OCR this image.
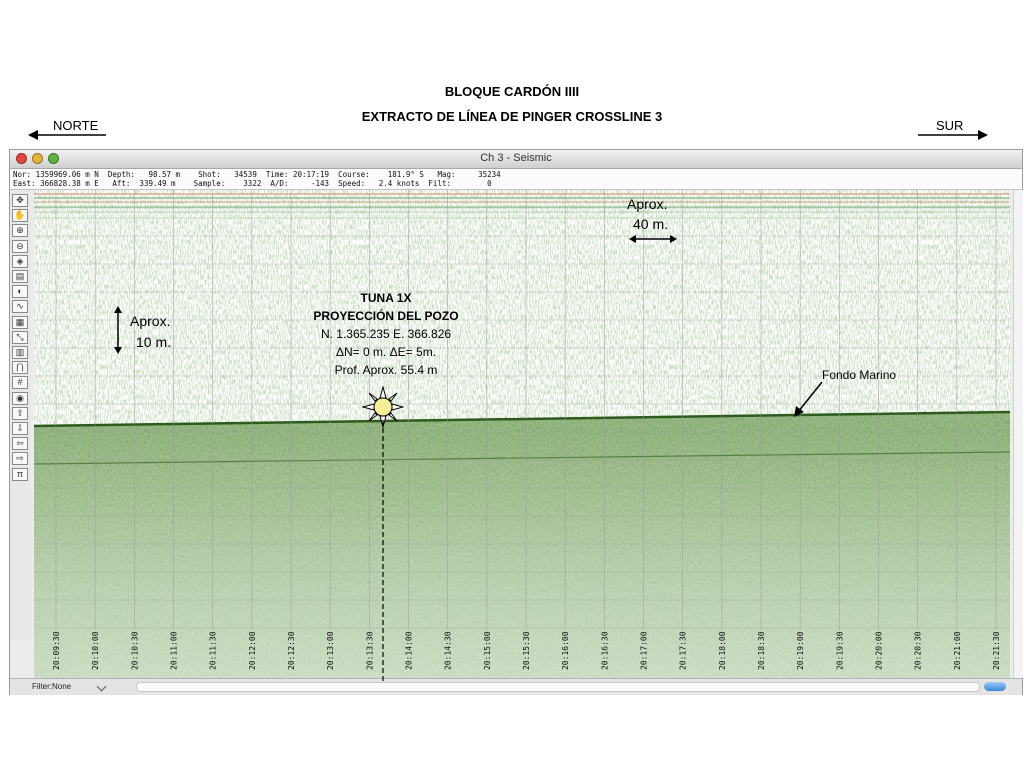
BLOQUE CARDÓN IIII
EXTRACTO DE LÍNEA DE PINGER CROSSLINE 3
NORTE	SUR
Ch 3 - Seismic
Nor: 1359969.06 m N  Depth:   98.57 m    Shot:   34539  Time: 20:17:19  Course:    181.9° S   Mag:     35234
East: 366828.38 m E   Aft:  339.49 m    Sample:    3322  A/D:     -143  Speed:   2.4 knots  Filt:        0
✥
✋
⊕
⊖
◈
▤
◐
∿
▦
⤡
▥
⋂
#
◉
⇧
⇩
⇦
⇨
π
20:09:30	20:10:00	20:10:30	20:11:00	20:11:30	20:12:00	20:12:30	20:13:00	20:13:30	20:14:00	20:14:30	20:15:00	20:15:30	20:16:00	20:16:30	20:17:00	20:17:30	20:18:00	20:18:30	20:19:00	20:19:30	20:20:00	20:20:30	20:21:00	20:21:30
Filter:None
Aprox.
10 m.
Aprox.
40 m.
TUNA 1X
PROYECCIÓN DEL POZO
N. 1.365.235 E. 366.826
ΔN= 0 m. ΔE= 5m.
Prof. Aprox. 55.4 m	Fondo Marino
